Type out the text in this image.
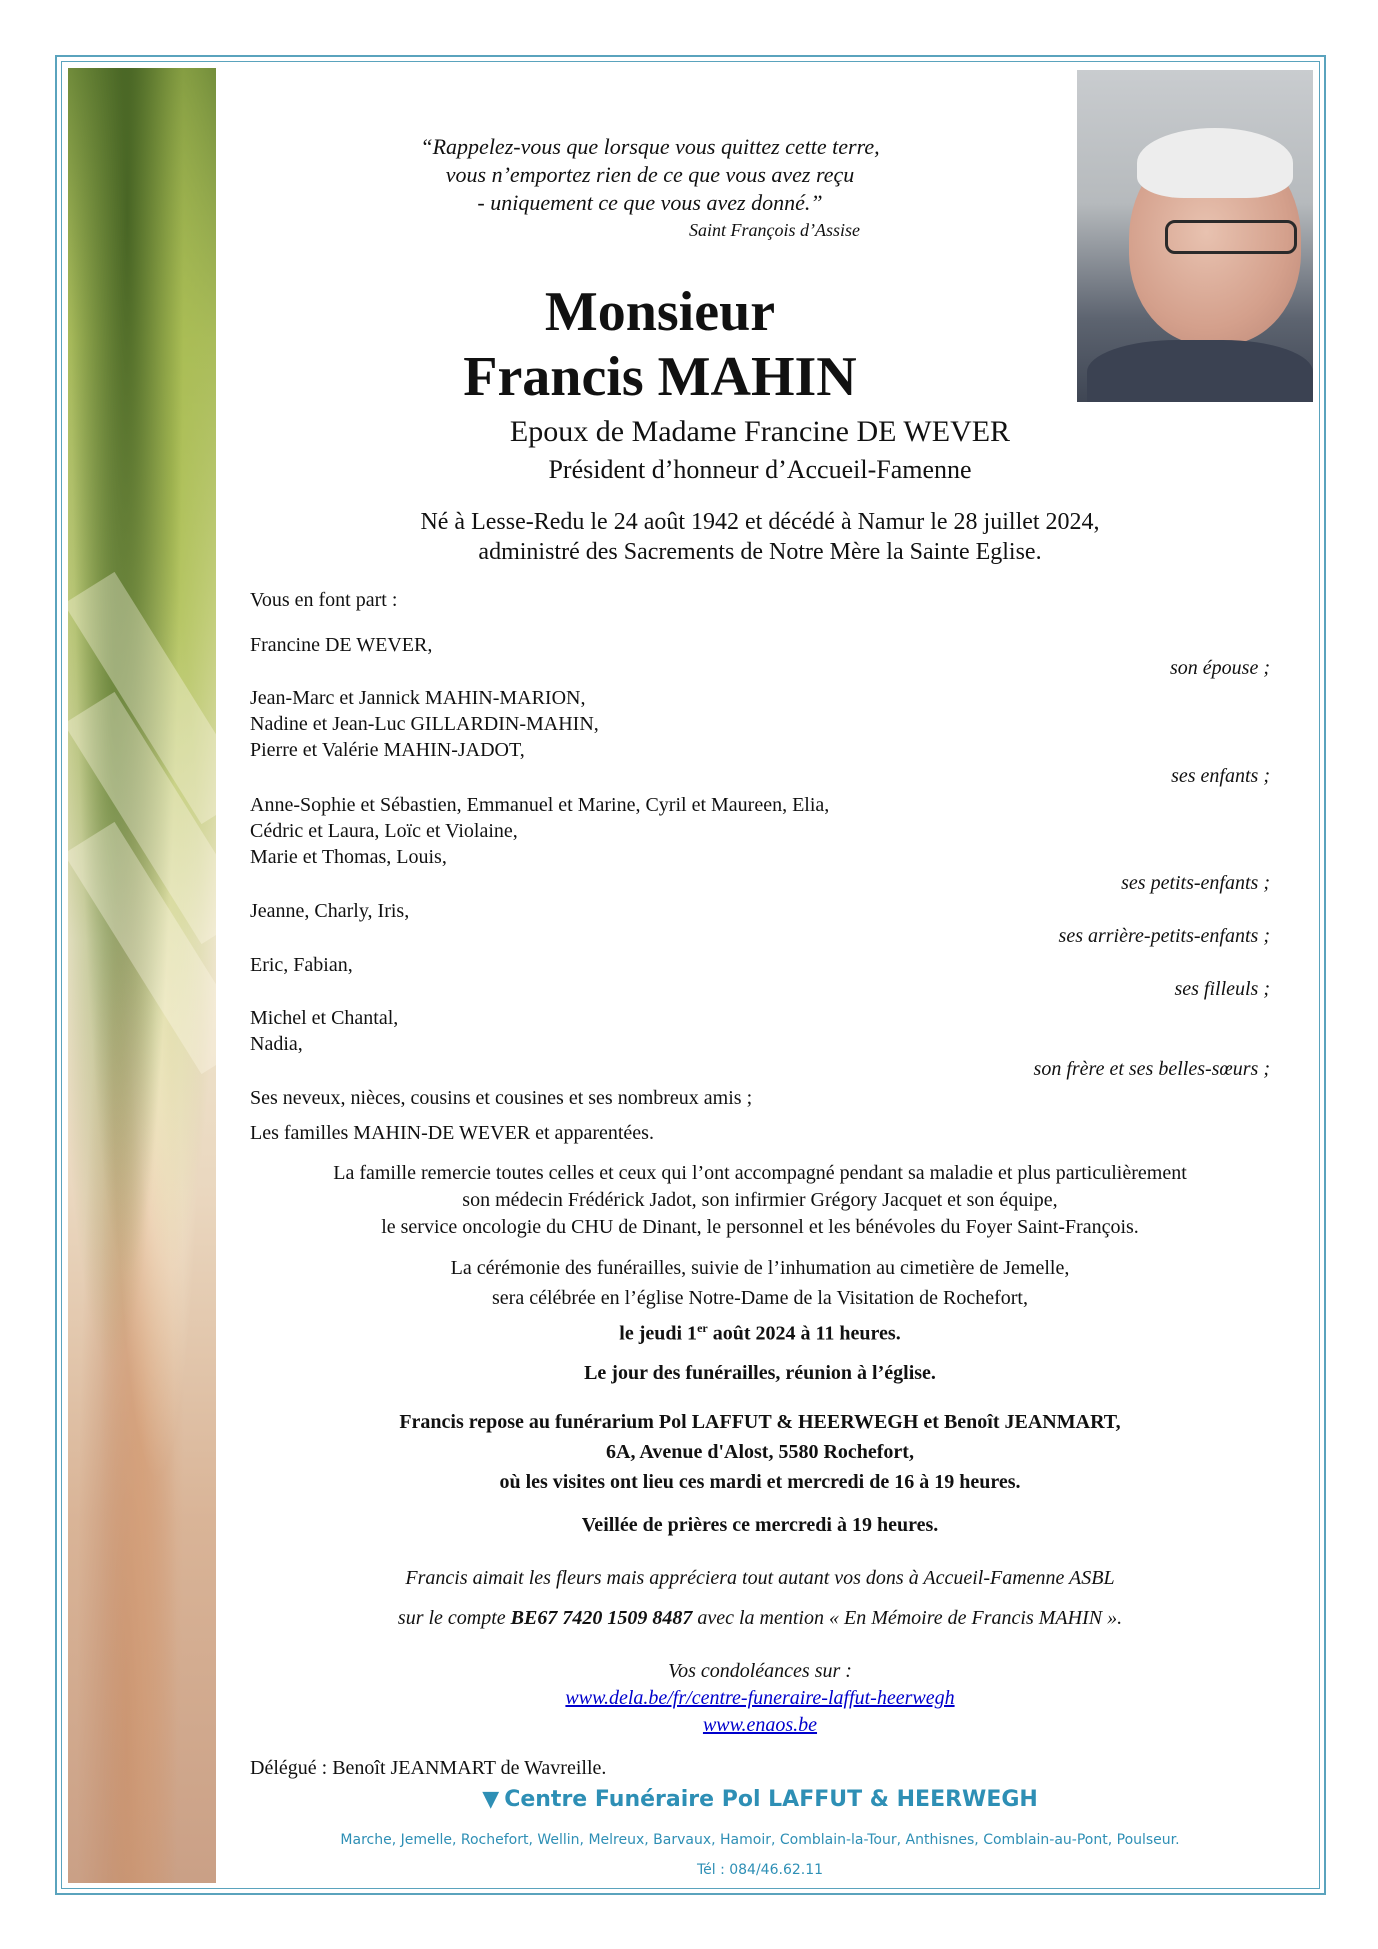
“Rappelez-vous que lorsque vous quittez cette terre,
vous n’emportez rien de ce que vous avez reçu
- uniquement ce que vous avez donné.”
Saint François d’Assise
Monsieur
Francis MAHIN
Epoux de Madame Francine DE WEVER
Président d’honneur d’Accueil-Famenne
Né à Lesse-Redu le 24 août 1942 et décédé à Namur le 28 juillet 2024,
administré des Sacrements de Notre Mère la Sainte Eglise.
Vous en font part :
Francine DE WEVER,
son épouse ;
Jean-Marc et Jannick MAHIN-MARION,
Nadine et Jean-Luc GILLARDIN-MAHIN,
Pierre et Valérie MAHIN-JADOT,
ses enfants ;
Anne-Sophie et Sébastien, Emmanuel et Marine, Cyril et Maureen, Elia,
Cédric et Laura, Loïc et Violaine,
Marie et Thomas, Louis,
ses petits-enfants ;
Jeanne, Charly, Iris,
ses arrière-petits-enfants ;
Eric, Fabian,
ses filleuls ;
Michel et Chantal,
Nadia,
son frère et ses belles-sœurs ;
Ses neveux, nièces, cousins et cousines et ses nombreux amis ;
Les familles MAHIN-DE WEVER et apparentées.
La famille remercie toutes celles et ceux qui l’ont accompagné pendant sa maladie et plus particulièrement
son médecin Frédérick Jadot, son infirmier Grégory Jacquet et son équipe,
le service oncologie du CHU de Dinant, le personnel et les bénévoles du Foyer Saint-François.
La cérémonie des funérailles, suivie de l’inhumation au cimetière de Jemelle,
sera célébrée en l’église Notre-Dame de la Visitation de Rochefort,
le jeudi 1er août 2024 à 11 heures.
Le jour des funérailles, réunion à l’église.
Francis repose au funérarium Pol LAFFUT & HEERWEGH et Benoît JEANMART,
6A, Avenue d'Alost, 5580 Rochefort,
où les visites ont lieu ces mardi et mercredi de 16 à 19 heures.
Veillée de prières ce mercredi à 19 heures.
Francis aimait les fleurs mais appréciera tout autant vos dons à Accueil-Famenne ASBL
sur le compte BE67 7420 1509 8487 avec la mention « En Mémoire de Francis MAHIN ».
Vos condoléances sur :
www.dela.be/fr/centre-funeraire-laffut-heerwegh
www.enaos.be
Délégué : Benoît JEANMART de Wavreille.
▼ Centre Funéraire Pol LAFFUT & HEERWEGH
Marche, Jemelle, Rochefort, Wellin, Melreux, Barvaux, Hamoir, Comblain-la-Tour, Anthisnes, Comblain-au-Pont, Poulseur.
Tél : 084/46.62.11
